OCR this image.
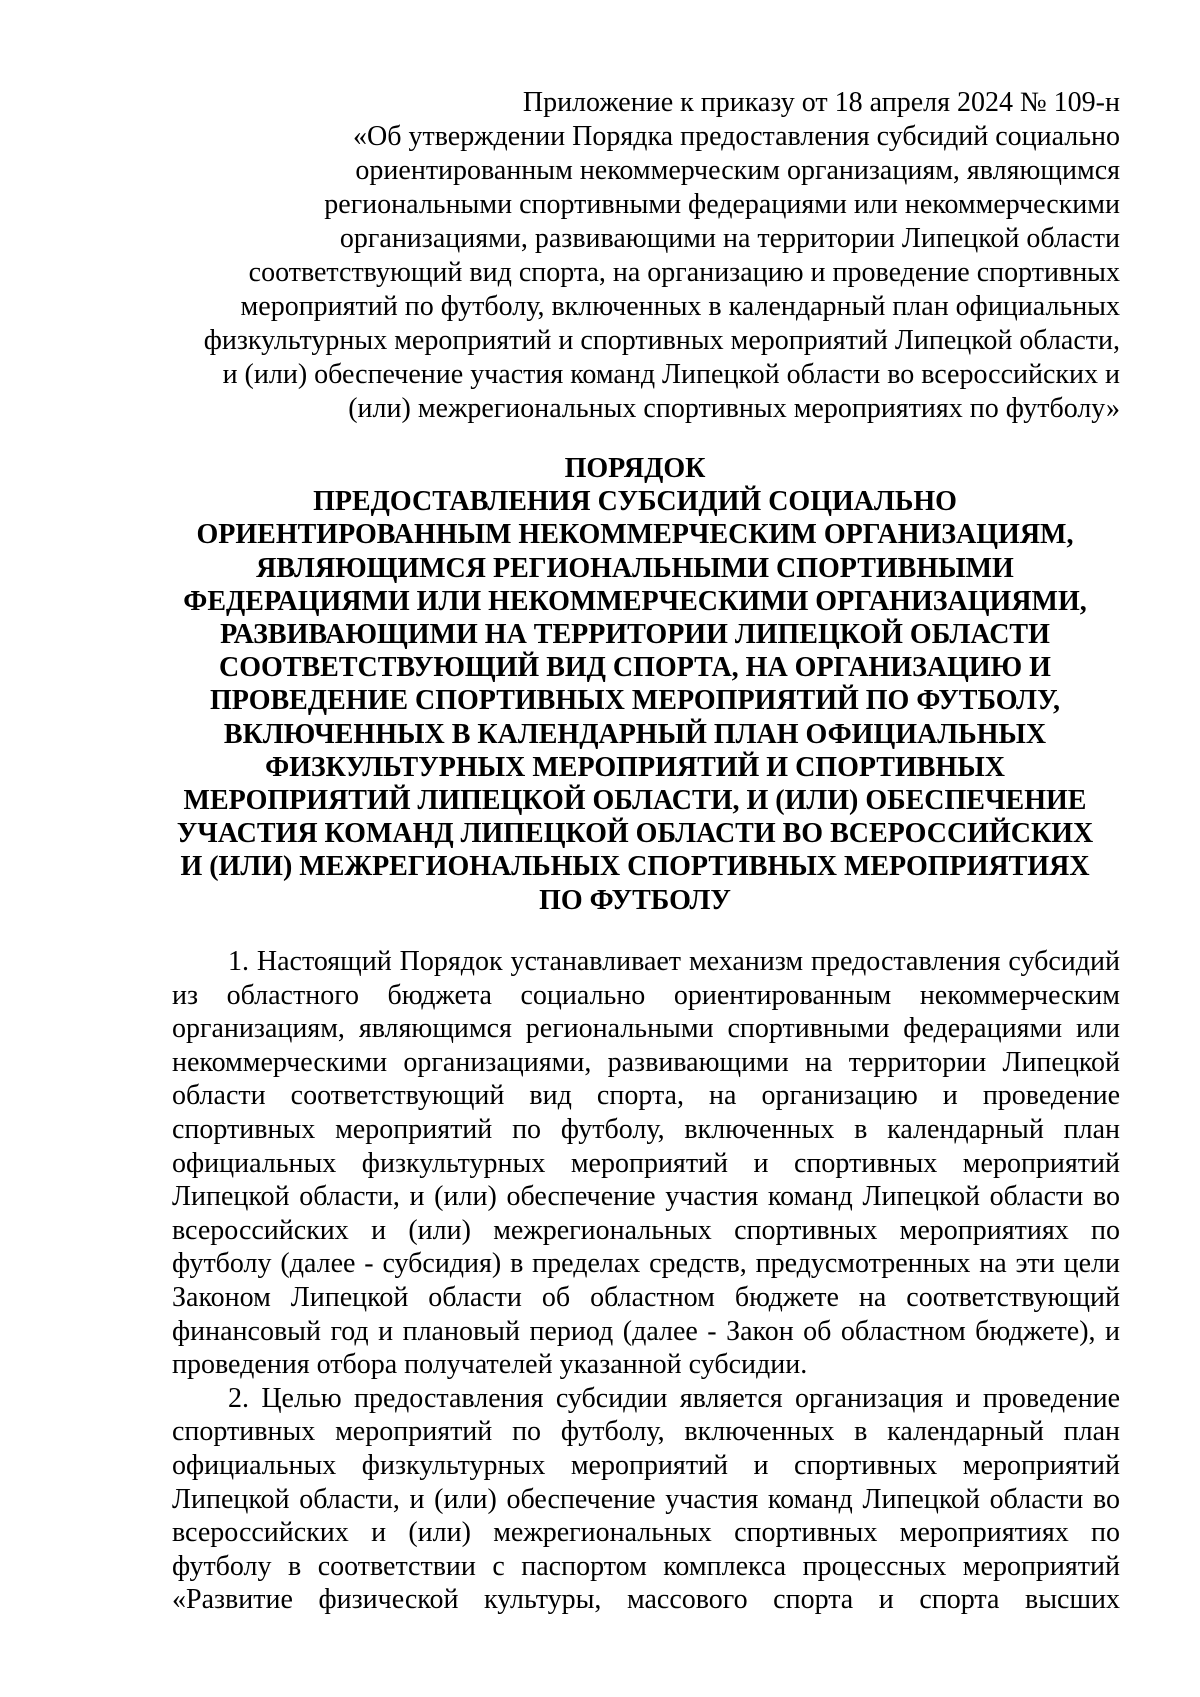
Приложение к приказу от 18 апреля 2024 № 109-н
«Об утверждении Порядка предоставления субсидий социально
ориентированным некоммерческим организациям, являющимся
региональными спортивными федерациями или некоммерческими
организациями, развивающими на территории Липецкой области
соответствующий вид спорта, на организацию и проведение спортивных
мероприятий по футболу, включенных в календарный план официальных
физкультурных мероприятий и спортивных мероприятий Липецкой области,
и (или) обеспечение участия команд Липецкой области во всероссийских и
(или) межрегиональных спортивных мероприятиях по футболу»
ПОРЯДОК
ПРЕДОСТАВЛЕНИЯ СУБСИДИЙ СОЦИАЛЬНО
ОРИЕНТИРОВАННЫМ НЕКОММЕРЧЕСКИМ ОРГАНИЗАЦИЯМ,
ЯВЛЯЮЩИМСЯ РЕГИОНАЛЬНЫМИ СПОРТИВНЫМИ
ФЕДЕРАЦИЯМИ ИЛИ НЕКОММЕРЧЕСКИМИ ОРГАНИЗАЦИЯМИ,
РАЗВИВАЮЩИМИ НА ТЕРРИТОРИИ ЛИПЕЦКОЙ ОБЛАСТИ
СООТВЕТСТВУЮЩИЙ ВИД СПОРТА, НА ОРГАНИЗАЦИЮ И
ПРОВЕДЕНИЕ СПОРТИВНЫХ МЕРОПРИЯТИЙ ПО ФУТБОЛУ,
ВКЛЮЧЕННЫХ В КАЛЕНДАРНЫЙ ПЛАН ОФИЦИАЛЬНЫХ
ФИЗКУЛЬТУРНЫХ МЕРОПРИЯТИЙ И СПОРТИВНЫХ
МЕРОПРИЯТИЙ ЛИПЕЦКОЙ ОБЛАСТИ, И (ИЛИ) ОБЕСПЕЧЕНИЕ
УЧАСТИЯ КОМАНД ЛИПЕЦКОЙ ОБЛАСТИ ВО ВСЕРОССИЙСКИХ
И (ИЛИ) МЕЖРЕГИОНАЛЬНЫХ СПОРТИВНЫХ МЕРОПРИЯТИЯХ
ПО ФУТБОЛУ
1. Настоящий Порядок устанавливает механизм предоставления субсидий
из областного бюджета социально ориентированным некоммерческим
организациям, являющимся региональными спортивными федерациями или
некоммерческими организациями, развивающими на территории Липецкой
области соответствующий вид спорта, на организацию и проведение
спортивных мероприятий по футболу, включенных в календарный план
официальных физкультурных мероприятий и спортивных мероприятий
Липецкой области, и (или) обеспечение участия команд Липецкой области во
всероссийских и (или) межрегиональных спортивных мероприятиях по
футболу (далее - субсидия) в пределах средств, предусмотренных на эти цели
Законом Липецкой области об областном бюджете на соответствующий
финансовый год и плановый период (далее - Закон об областном бюджете), и
проведения отбора получателей указанной субсидии.
2. Целью предоставления субсидии является организация и проведение
спортивных мероприятий по футболу, включенных в календарный план
официальных физкультурных мероприятий и спортивных мероприятий
Липецкой области, и (или) обеспечение участия команд Липецкой области во
всероссийских и (или) межрегиональных спортивных мероприятиях по
футболу в соответствии с паспортом комплекса процессных мероприятий
«Развитие физической культуры, массового спорта и спорта высших
